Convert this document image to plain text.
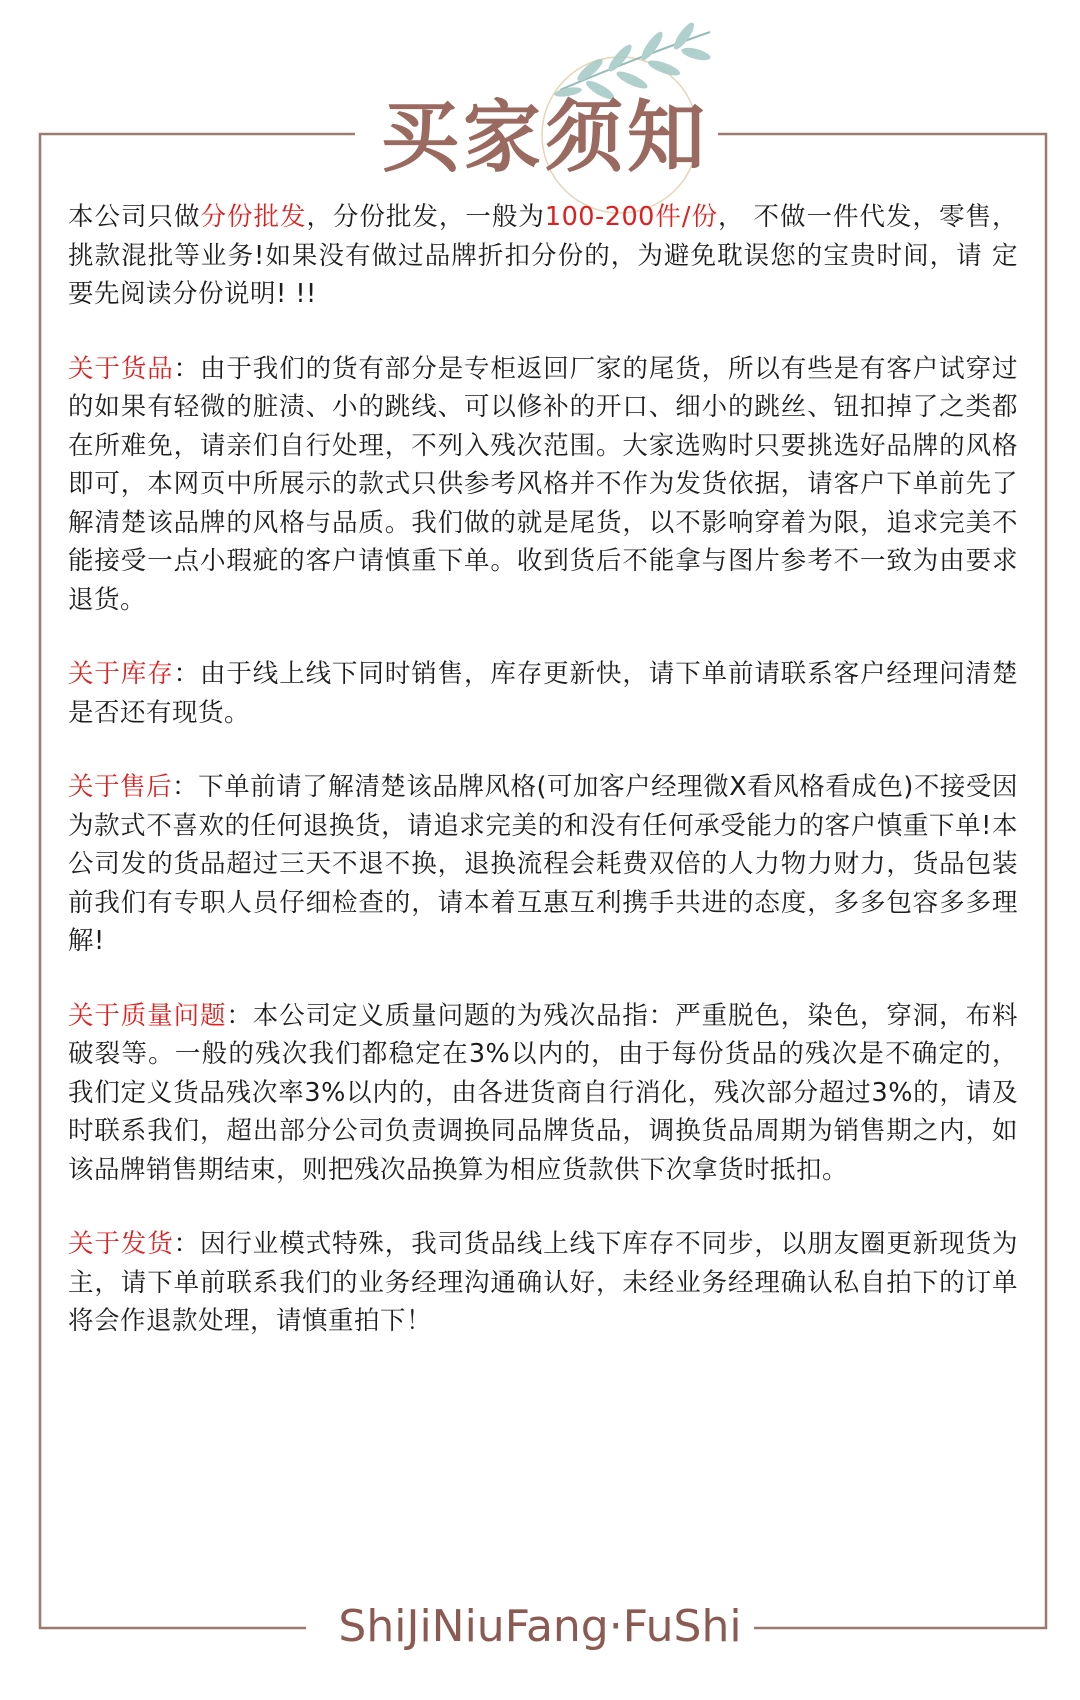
买家须知

本公司只做分份批发，分份批发，一般为100-200件/份， 不做一件代发，零售，挑款混批等业务!如果没有做过品牌折扣分份的，为避免耽误您的宝贵时间，请 定要先阅读分份说明! !!

关于货品：由于我们的货有部分是专柜返回厂家的尾货，所以有些是有客户试穿过的如果有轻微的脏渍、小的跳线、可以修补的开口、细小的跳丝、钮扣掉了之类都在所难免，请亲们自行处理，不列入残次范围。大家选购时只要挑选好品牌的风格即可，本网页中所展示的款式只供参考风格并不作为发货依据，请客户下单前先了解清楚该品牌的风格与品质。我们做的就是尾货，以不影响穿着为限，追求完美不能接受一点小瑕疵的客户请慎重下单。收到货后不能拿与图片参考不一致为由要求退货。

关于库存：由于线上线下同时销售，库存更新快，请下单前请联系客户经理问清楚是否还有现货。

关于售后：下单前请了解清楚该品牌风格(可加客户经理微X看风格看成色)不接受因为款式不喜欢的任何退换货，请追求完美的和没有任何承受能力的客户慎重下单!本公司发的货品超过三天不退不换，退换流程会耗费双倍的人力物力财力，货品包装前我们有专职人员仔细检查的，请本着互惠互利携手共进的态度，多多包容多多理解!

关于质量问题：本公司定义质量问题的为残次品指：严重脱色，染色，穿洞，布料破裂等。一般的残次我们都稳定在3%以内的，由于每份货品的残次是不确定的，我们定义货品残次率3%以内的，由各进货商自行消化，残次部分超过3%的，请及时联系我们，超出部分公司负责调换同品牌货品，调换货品周期为销售期之内，如该品牌销售期结束，则把残次品换算为相应货款供下次拿货时抵扣。

关于发货：因行业模式特殊，我司货品线上线下库存不同步，以朋友圈更新现货为主，请下单前联系我们的业务经理沟通确认好，未经业务经理确认私自拍下的订单将会作退款处理，请慎重拍下！

ShiJiNiuFang·FuShi
